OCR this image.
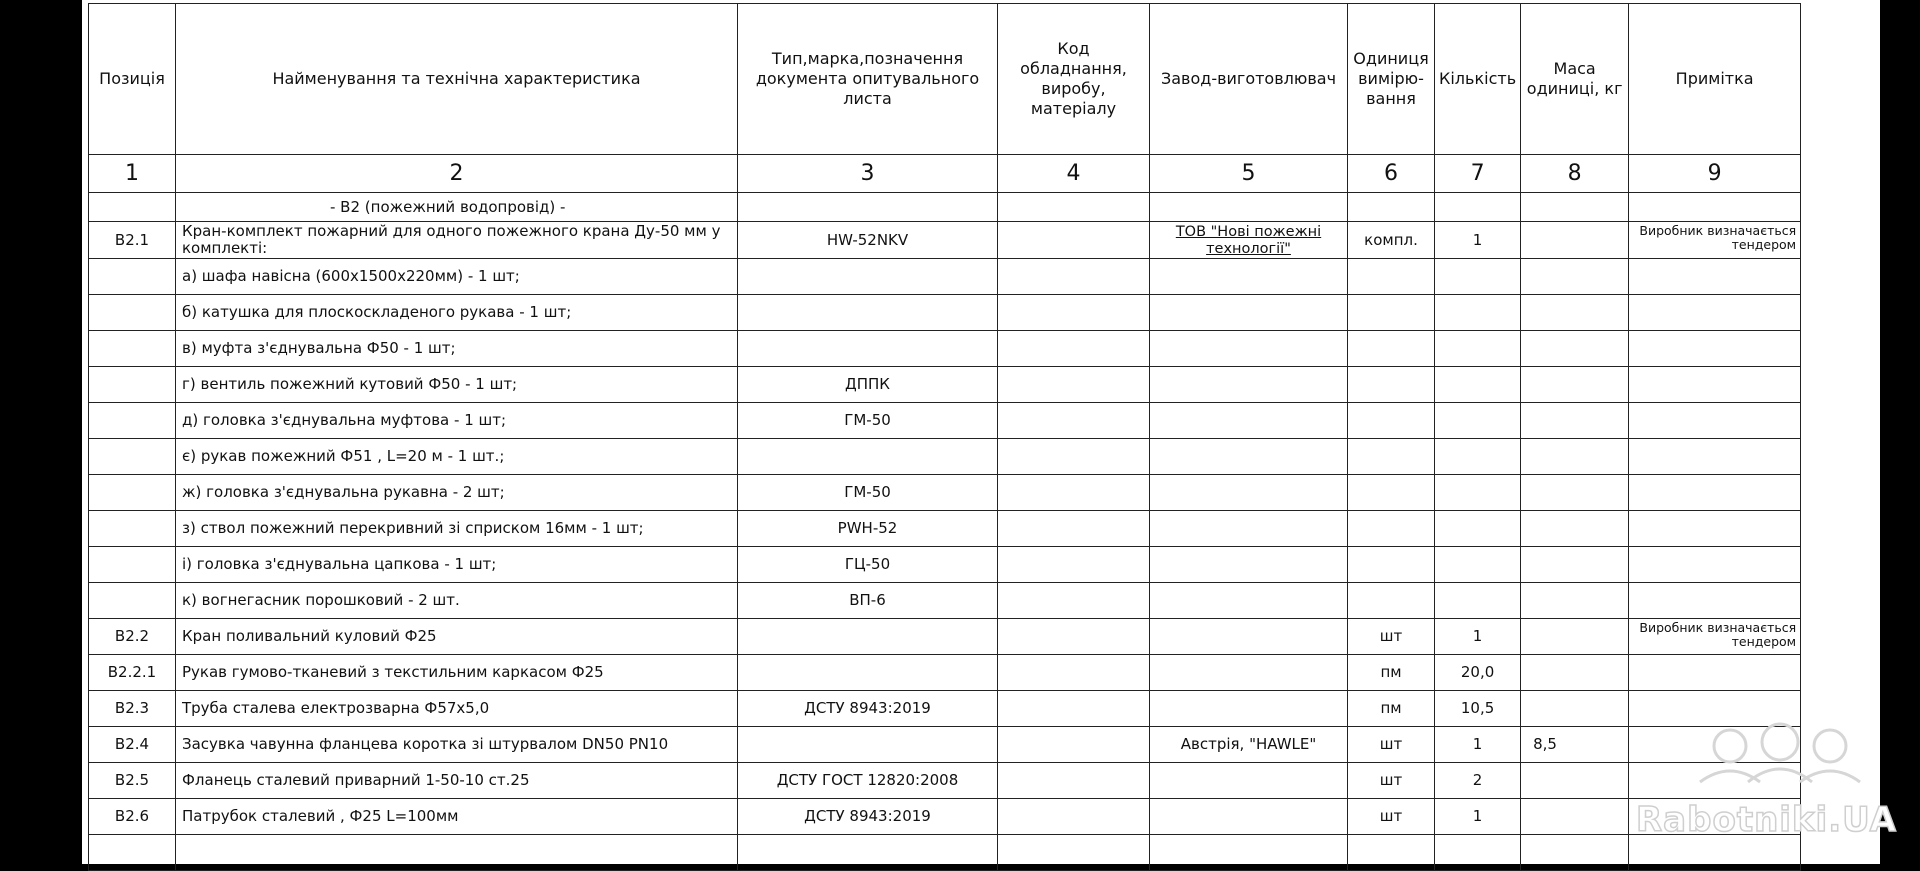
Позиція	Найменування та технічна характеристика	Тип,марка,позначення документа опитувального листа	Код обладнання, виробу, матеріалу	Завод-виготовлювач	Одиниця вимірю-вання	Кількість	Маса одиниці, кг	Примітка
1	2	3	4	5	6	7	8	9
	- В2 (пожежний водопровід) -							
В2.1	Кран-комплект пожарний для одного пожежного крана Ду-50 мм у комплекті:	HW-52NKV		ТОВ "Нові пожежні технології"	компл.	1		Виробник визначається тендером
	а) шафа навісна (600х1500х220мм) - 1 шт;							
	б) катушка для плоскоскладеного рукава - 1 шт;							
	в) муфта з'єднувальна Ф50 - 1 шт;							
	г) вентиль пожежний кутовий Ф50 - 1 шт;	ДППК						
	д) головка з'єднувальна муфтова - 1 шт;	ГМ-50						
	є) рукав пожежний Ф51 , L=20 м - 1 шт.;							
	ж) головка з'єднувальна рукавна - 2 шт;	ГМ-50						
	з) ствол пожежний перекривний зі сприском 16мм - 1 шт;	PWH-52						
	і) головка з'єднувальна цапкова - 1 шт;	ГЦ-50						
	к) вогнегасник порошковий - 2 шт.	ВП-6						
В2.2	Кран поливальний куловий Ф25				шт	1		Виробник визначається тендером
В2.2.1	Рукав гумово-тканевий з текстильним каркасом Ф25				пм	20,0		
В2.3	Труба сталева електрозварна Ф57х5,0	ДСТУ 8943:2019			пм	10,5		
В2.4	Засувка чавунна фланцева коротка зі штурвалом DN50 PN10			Австрія, "HAWLE"	шт	1	8,5	
В2.5	Фланець сталевий приварний 1-50-10 ст.25	ДСТУ ГОСТ 12820:2008			шт	2		
В2.6	Патрубок сталевий , Ф25 L=100мм	ДСТУ 8943:2019			шт	1		
									Rabotniki.UA
